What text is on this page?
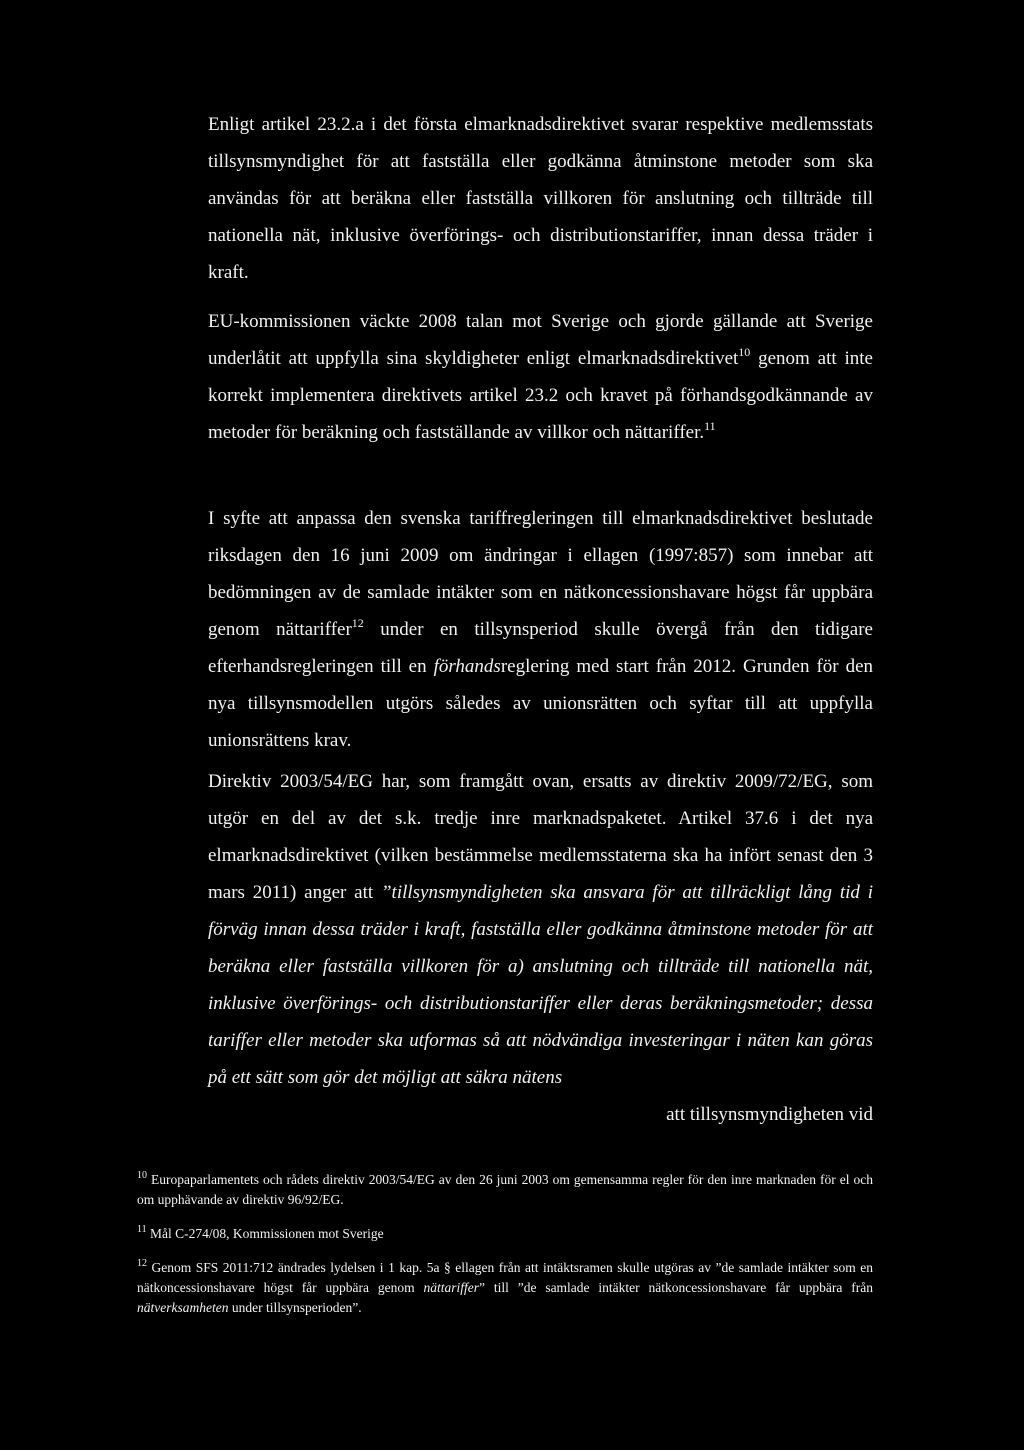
Enligt artikel 23.2.a i det första elmarknadsdirektivet svarar respektive medlemsstats tillsynsmyndighet för att fastställa eller godkänna åtminstone metoder som ska användas för att beräkna eller fastställa villkoren för anslutning och tillträde till nationella nät, inklusive överförings- och distributionstariffer, innan dessa träder i kraft.

EU-kommissionen väckte 2008 talan mot Sverige och gjorde gällande att Sverige underlåtit att uppfylla sina skyldigheter enligt elmarknadsdirektivet$^{10}$ genom att inte korrekt implementera direktivets artikel 23.2 och kravet på förhandsgodkännande av metoder för beräkning och fastställande av villkor och nättariffer.$^{11}$

I syfte att anpassa den svenska tariffregleringen till elmarknadsdirektivet beslutade riksdagen den 16 juni 2009 om ändringar i ellagen (1997:857) som innebar att bedömningen av de samlade intäkter som en nätkoncessionshavare högst får uppbära genom nättariffer$^{12}$ under en tillsynsperiod skulle övergå från den tidigare efterhandsregleringen till en förhandsreglering med start från 2012. Grunden för den nya tillsynsmodellen utgörs således av unionsrätten och syftar till att uppfylla unionsrättens krav.

Direktiv 2003/54/EG har, som framgått ovan, ersatts av direktiv 2009/72/EG, som utgör en del av det s.k. tredje inre marknadspaketet. Artikel 37.6 i det nya elmarknadsdirektivet (vilken bestämmelse medlemsstaterna ska ha infört senast den 3 mars 2011) anger att ”tillsynsmyndigheten ska ansvara för att tillräckligt lång tid i förväg innan dessa träder i kraft, fastställa eller godkänna åtminstone metoder för att beräkna eller fastställa villkoren för a) anslutning och tillträde till nationella nät, inklusive överförings- och distributionstariffer eller deras beräkningsmetoder; dessa tariffer eller metoder ska utformas så att nödvändiga investeringar i näten kan göras på ett sätt som gör det möjligt att säkra nätens
att tillsynsmyndigheten vid

$^{10}$ Europaparlamentets och rådets direktiv 2003/54/EG av den 26 juni 2003 om gemensamma regler för den inre marknaden för el och om upphävande av direktiv 96/92/EG.

$^{11}$ Mål C-274/08, Kommissionen mot Sverige

$^{12}$ Genom SFS 2011:712 ändrades lydelsen i 1 kap. 5a § ellagen från att intäktsramen skulle utgöras av ”de samlade intäkter som en nätkoncessionshavare högst får uppbära genom nättariffer” till ”de samlade intäkter nätkoncessionshavare får uppbära från nätverksamheten under tillsynsperioden”.
